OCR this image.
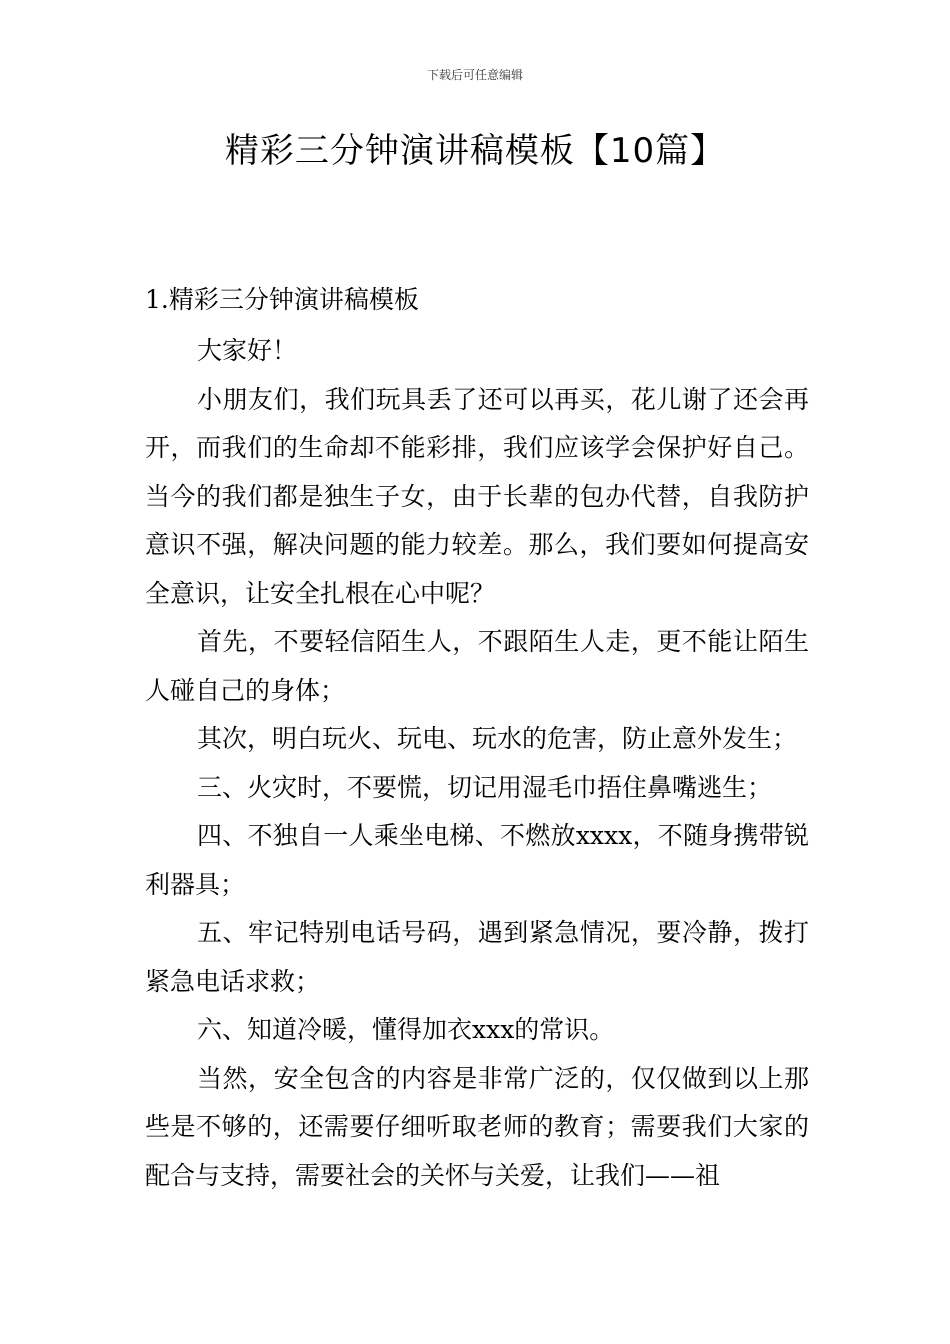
下载后可任意编辑
精彩三分钟演讲稿模板【10篇】
1.精彩三分钟演讲稿模板

大家好！

小朋友们，我们玩具丢了还可以再买，花儿谢了还会再开，而我们的生命却不能彩排，我们应该学会保护好自己。当今的我们都是独生子女，由于长辈的包办代替，自我防护意识不强，解决问题的能力较差。那么，我们要如何提高安全意识，让安全扎根在心中呢？

首先，不要轻信陌生人，不跟陌生人走，更不能让陌生人碰自己的身体；

其次，明白玩火、玩电、玩水的危害，防止意外发生；

三、火灾时，不要慌，切记用湿毛巾捂住鼻嘴逃生；

四、不独自一人乘坐电梯、不燃放xxxx，不随身携带锐利器具；

五、牢记特别电话号码，遇到紧急情况，要冷静，拨打紧急电话求救；

六、知道冷暖，懂得加衣xxx的常识。

当然，安全包含的内容是非常广泛的，仅仅做到以上那些是不够的，还需要仔细听取老师的教育；需要我们大家的配合与支持，需要社会的关怀与关爱，让我们——祖
